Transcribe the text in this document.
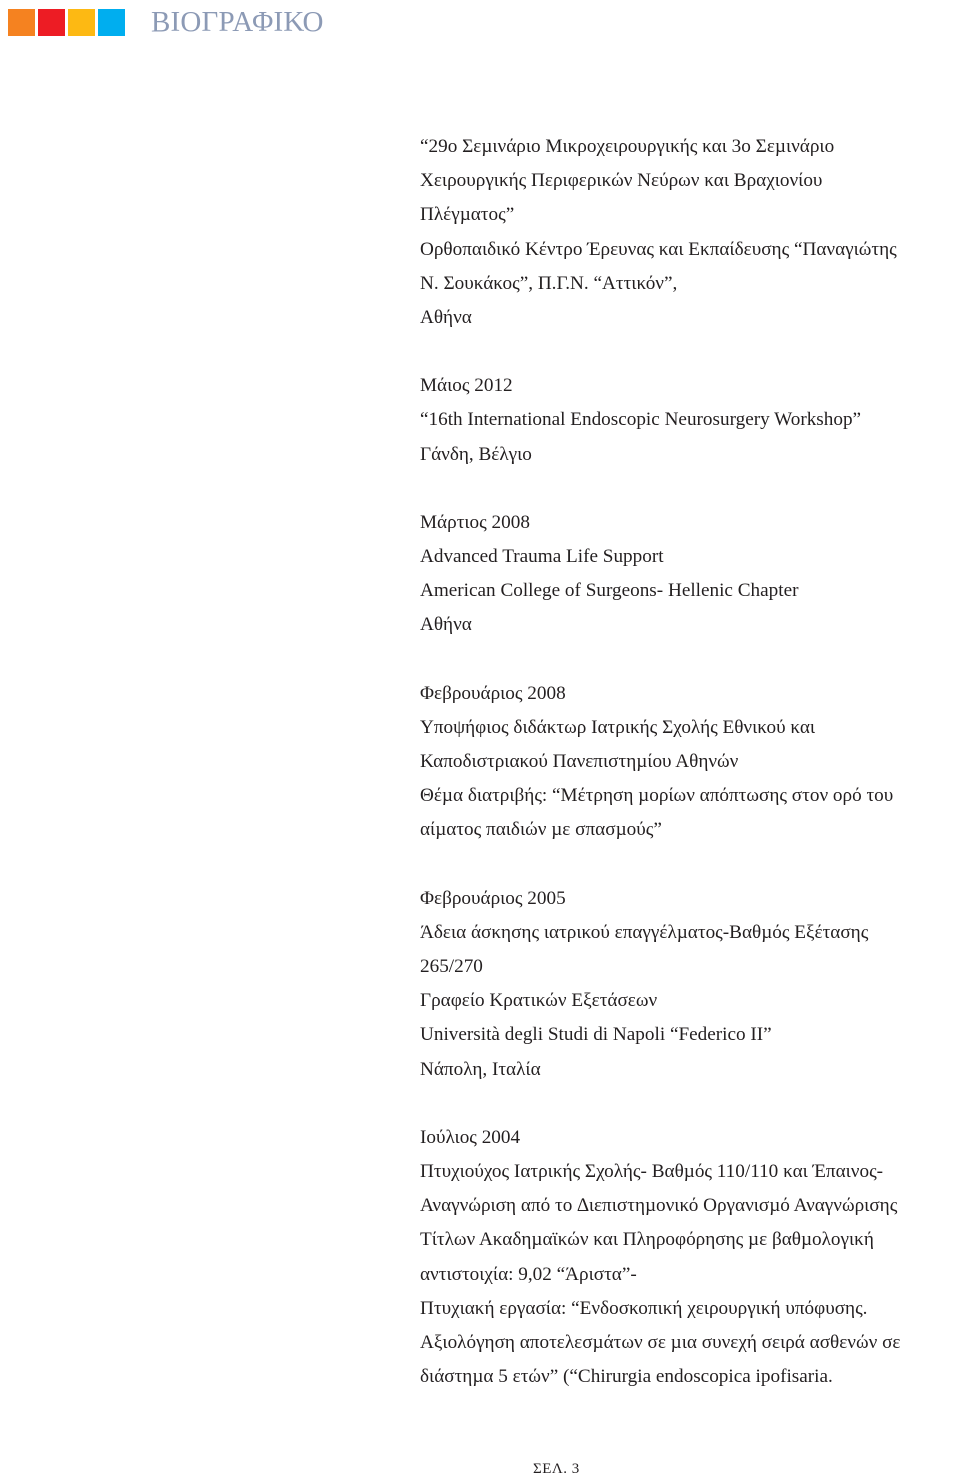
ΒΙΟΓΡΑΦΙΚΟ
“29ο Σεµινάριο Μικροχειρουργικής και 3ο Σεµινάριο
Χειρουργικής Περιφερικών Νεύρων και Βραχιονίου
Πλέγµατος”
Ορθοπαιδικό Κέντρο Έρευνας και Εκπαίδευσης “Παναγιώτης
Ν. Σουκάκος”, Π.Γ.Ν. “Αττικόν”,
Αθήνα
Μάιος 2012
“16th International Endoscopic Neurosurgery Workshop”
Γάνδη, Βέλγιο
Μάρτιος 2008
Advanced Trauma Life Support
American College of Surgeons- Hellenic Chapter
Αθήνα
Φεβρουάριος 2008
Υποψήφιος διδάκτωρ Ιατρικής Σχολής Εθνικού και
Καποδιστριακού Πανεπιστηµίου Αθηνών
Θέµα διατριβής: “Μέτρηση µορίων απόπτωσης στον ορό του
αίµατος παιδιών µε σπασµούς”
Φεβρουάριος 2005
Άδεια άσκησης ιατρικού επαγγέλµατος-Βαθµός Εξέτασης
265/270
Γραφείο Κρατικών Εξετάσεων
Università degli Studi di Napoli “Federico II”
Νάπολη, Ιταλία
Ιούλιος 2004
Πτυχιούχος Ιατρικής Σχολής- Βαθµός 110/110 και Έπαινος-
Αναγνώριση από το ∆ιεπιστηµονικό Οργανισµό Αναγνώρισης
Τίτλων Ακαδηµαϊκών και Πληροφόρησης µε βαθµολογική
αντιστοιχία: 9,02 “Άριστα”-
Πτυχιακή εργασία: “Ενδοσκοπική χειρουργική υπόφυσης.
Αξιολόγηση αποτελεσµάτων σε µια συνεχή σειρά ασθενών σε
διάστηµα 5 ετών” (“Chirurgia endoscopica ipofisaria.
ΣΕΛ. 3
